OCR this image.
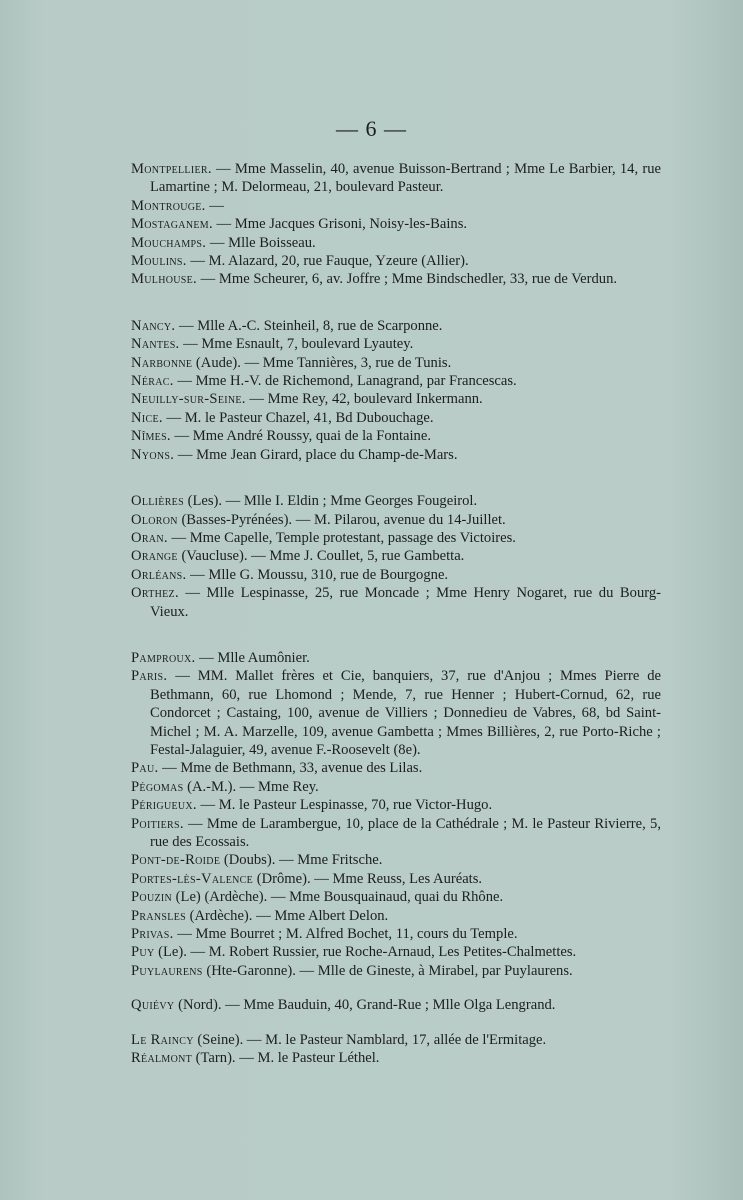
— 6 —
Montpellier. — Mme Masselin, 40, avenue Buisson-Bertrand ; Mme Le Barbier, 14, rue Lamartine ; M. Delormeau, 21, boulevard Pasteur.
Montrouge. —
Mostaganem. — Mme Jacques Grisoni, Noisy-les-Bains.
Mouchamps. — Mlle Boisseau.
Moulins. — M. Alazard, 20, rue Fauque, Yzeure (Allier).
Mulhouse. — Mme Scheurer, 6, av. Joffre ; Mme Bindschedler, 33, rue de Verdun.
Nancy. — Mlle A.-C. Steinheil, 8, rue de Scarponne.
Nantes. — Mme Esnault, 7, boulevard Lyautey.
Narbonne (Aude). — Mme Tannières, 3, rue de Tunis.
Nérac. — Mme H.-V. de Richemond, Lanagrand, par Francescas.
Neuilly-sur-Seine. — Mme Rey, 42, boulevard Inkermann.
Nice. — M. le Pasteur Chazel, 41, Bd Dubouchage.
Nîmes. — Mme André Roussy, quai de la Fontaine.
Nyons. — Mme Jean Girard, place du Champ-de-Mars.
Ollières (Les). — Mlle I. Eldin ; Mme Georges Fougeirol.
Oloron (Basses-Pyrénées). — M. Pilarou, avenue du 14-Juillet.
Oran. — Mme Capelle, Temple protestant, passage des Victoires.
Orange (Vaucluse). — Mme J. Coullet, 5, rue Gambetta.
Orléans. — Mlle G. Moussu, 310, rue de Bourgogne.
Orthez. — Mlle Lespinasse, 25, rue Moncade ; Mme Henry Nogaret, rue du Bourg-Vieux.
Pamproux. — Mlle Aumônier.
Paris. — MM. Mallet frères et Cie, banquiers, 37, rue d'Anjou ; Mmes Pierre de Bethmann, 60, rue Lhomond ; Mende, 7, rue Henner ; Hubert-Cornud, 62, rue Condorcet ; Castaing, 100, avenue de Villiers ; Donnedieu de Vabres, 68, bd Saint-Michel ; M. A. Marzelle, 109, avenue Gambetta ; Mmes Billières, 2, rue Porto-Riche ; Festal-Jalaguier, 49, avenue F.-Roosevelt (8e).
Pau. — Mme de Bethmann, 33, avenue des Lilas.
Pégomas (A.-M.). — Mme Rey.
Périgueux. — M. le Pasteur Lespinasse, 70, rue Victor-Hugo.
Poitiers. — Mme de Larambergue, 10, place de la Cathédrale ; M. le Pasteur Rivierre, 5, rue des Ecossais.
Pont-de-Roide (Doubs). — Mme Fritsche.
Portes-lès-Valence (Drôme). — Mme Reuss, Les Auréats.
Pouzin (Le) (Ardèche). — Mme Bousquainaud, quai du Rhône.
Pransles (Ardèche). — Mme Albert Delon.
Privas. — Mme Bourret ; M. Alfred Bochet, 11, cours du Temple.
Puy (Le). — M. Robert Russier, rue Roche-Arnaud, Les Petites-Chalmettes.
Puylaurens (Hte-Garonne). — Mlle de Gineste, à Mirabel, par Puylaurens.
Quiévy (Nord). — Mme Bauduin, 40, Grand-Rue ; Mlle Olga Lengrand.
Le Raincy (Seine). — M. le Pasteur Namblard, 17, allée de l'Ermitage.
Réalmont (Tarn). — M. le Pasteur Léthel.
